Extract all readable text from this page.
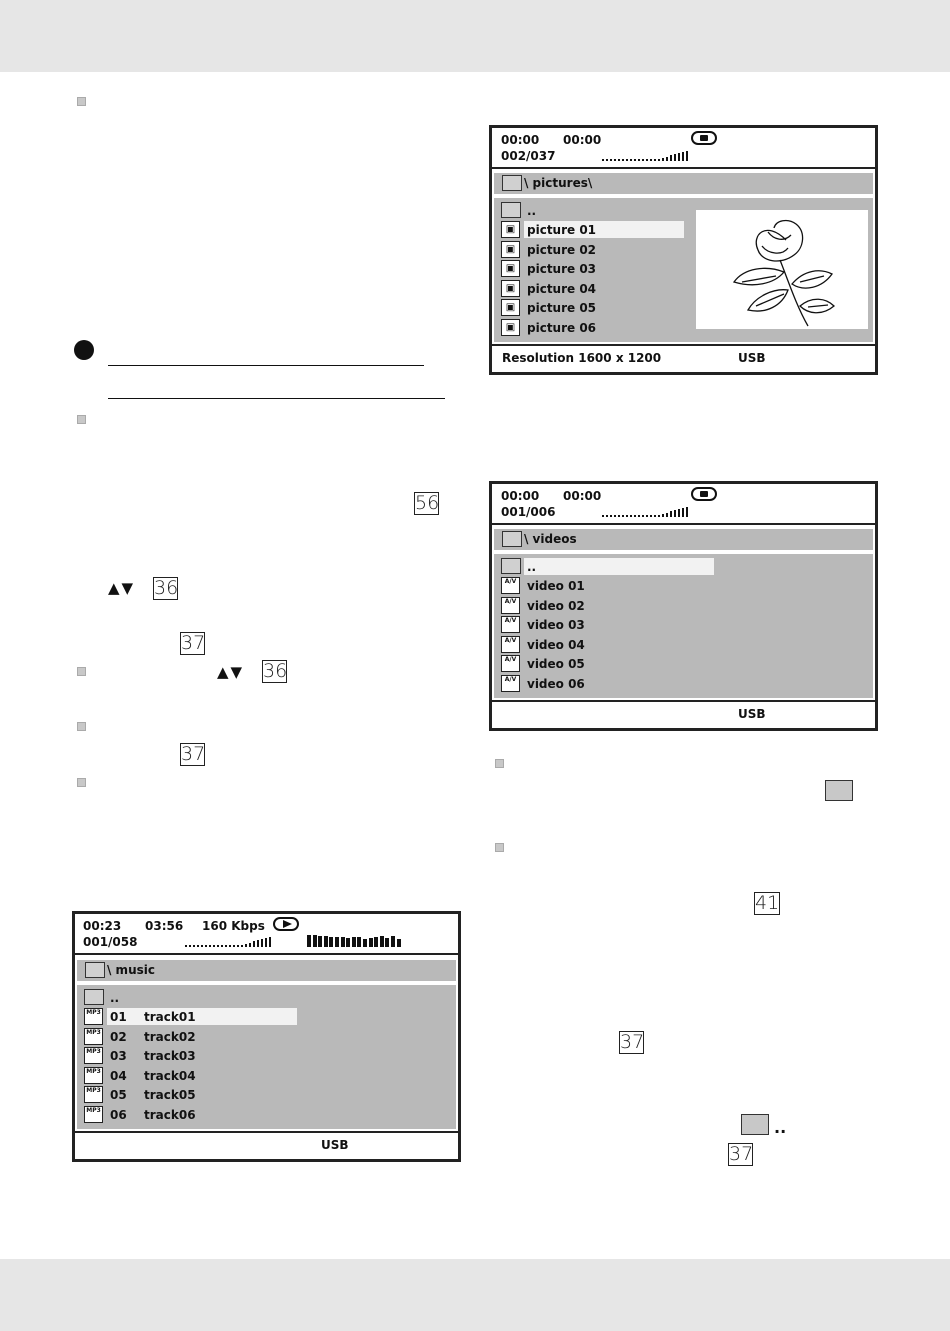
56
▲▼ 36
37
▲▼ 36
37
41
37
..
37
00:00 00:00
002/037
\ pictures\
..
▣ picture 01
▣ picture 02
▣ picture 03
▣ picture 04
▣ picture 05
▣ picture 06
Resolution 1600 x 1200	USB
00:00 00:00
001/006
\ videos
..
A/V video 01
A/V video 02
A/V video 03
A/V video 04
A/V video 05
A/V video 06
USB
00:23 03:56 160 Kbps
001/058
\ music
..
MP3 01 track01
MP3 02 track02
MP3 03 track03
MP3 04 track04
MP3 05 track05
MP3 06 track06
USB
